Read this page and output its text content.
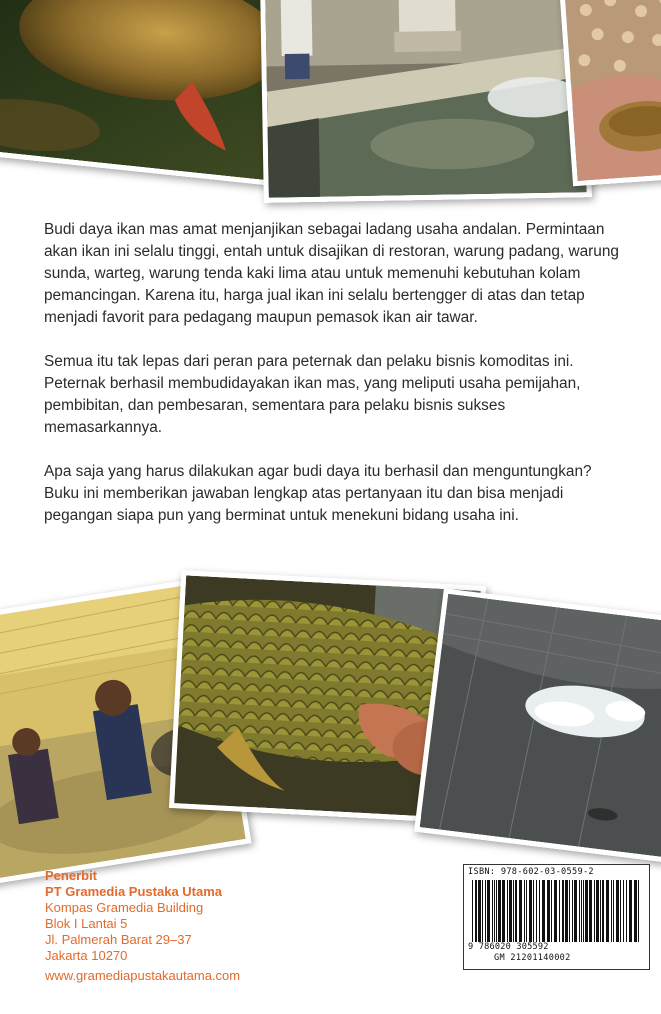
Budi daya ikan mas amat menjanjikan sebagai ladang usaha andalan. Permintaan akan ikan ini selalu tinggi, entah untuk disajikan di restoran, warung padang, warung sunda, warteg, warung tenda kaki lima atau untuk memenuhi kebutuhan kolam pemancingan. Karena itu, harga jual ikan ini selalu bertengger di atas dan tetap menjadi favorit para pedagang maupun pemasok ikan air tawar.

Semua itu tak lepas dari peran para peternak dan pelaku bisnis komoditas ini. Peternak berhasil membudidayakan ikan mas, yang meliputi usaha pemijahan, pembibitan, dan pembesaran, sementara para pelaku bisnis sukses memasarkannya.

Apa saja yang harus dilakukan agar budi daya itu berhasil dan menguntungkan? Buku ini memberikan jawaban lengkap atas pertanyaan itu dan bisa menjadi pegangan siapa pun yang berminat untuk menekuni bidang usaha ini.

Penerbit
PT Gramedia Pustaka Utama
Kompas Gramedia Building
Blok I Lantai 5
Jl. Palmerah Barat 29–37
Jakarta 10270
www.gramediapustakautama.com
ISBN: 978-602-03-0559-2
9 786020 305592
GM 21201140002
